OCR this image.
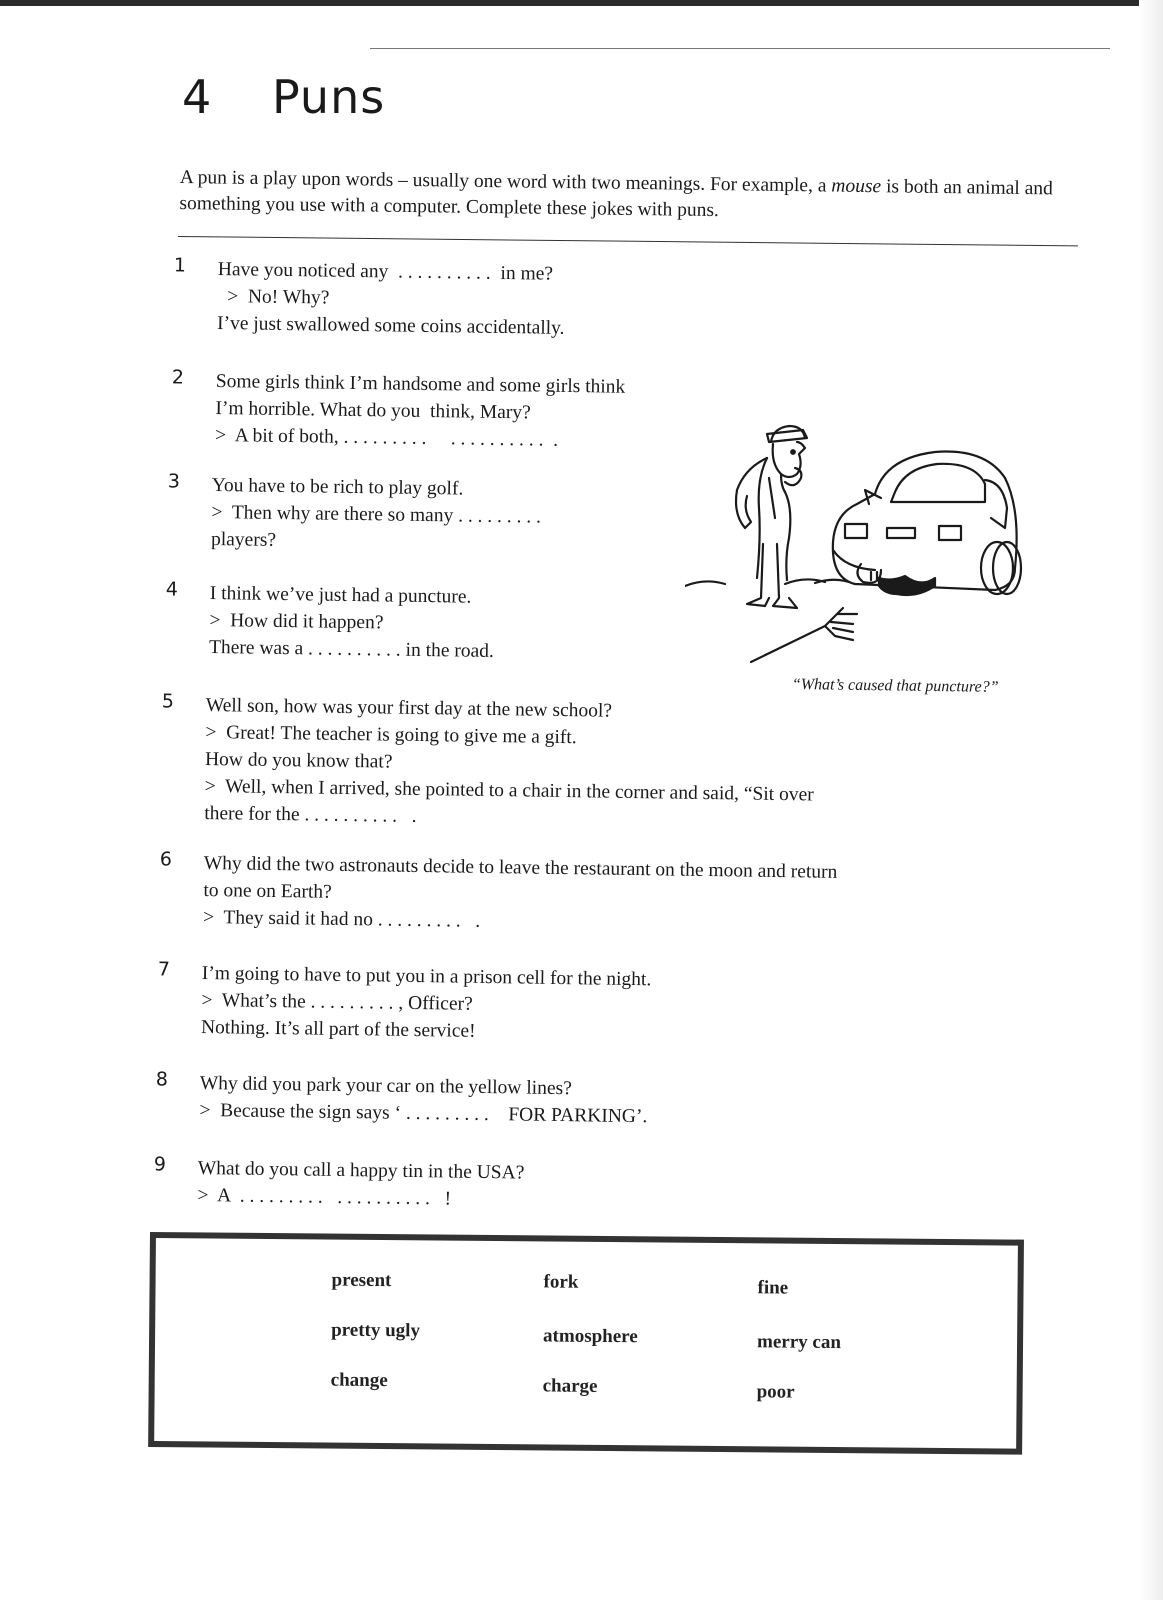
4 Puns

A pun is a play upon words – usually one word with two meanings. For example, a mouse is both an animal and something you use with a computer. Complete these jokes with puns.

1 Have you noticed any  . . . . . . . . . .  in me?
>  No! Why?
I’ve just swallowed some coins accidentally.
2 Some girls think I’m handsome and some girls think
I’m horrible. What do you  think, Mary?
>  A bit of both, . . . . . . . . .     . . . . . . . . . .  .
3 You have to be rich to play golf.
>  Then why are there so many . . . . . . . . .
players?
4 I think we’ve just had a puncture.
>  How did it happen?
There was a . . . . . . . . . . in the road.
5 Well son, how was your first day at the new school?
>  Great! The teacher is going to give me a gift.
How do you know that?
>  Well, when I arrived, she pointed to a chair in the corner and said, “Sit over
there for the . . . . . . . . . .   .
6 Why did the two astronauts decide to leave the restaurant on the moon and return
to one on Earth?
>  They said it had no . . . . . . . . .   .
7 I’m going to have to put you in a prison cell for the night.
>  What’s the . . . . . . . . . , Officer?
Nothing. It’s all part of the service!
8 Why did you park your car on the yellow lines?
>  Because the sign says ‘ . . . . . . . . .    FOR PARKING’.
9 What do you call a happy tin in the USA?
>  A  . . . . . . . . .   . . . . . . . . . .   !
“What’s caused that puncture?”
present	fork	fine
pretty ugly	atmosphere	merry can
change	charge	poor
